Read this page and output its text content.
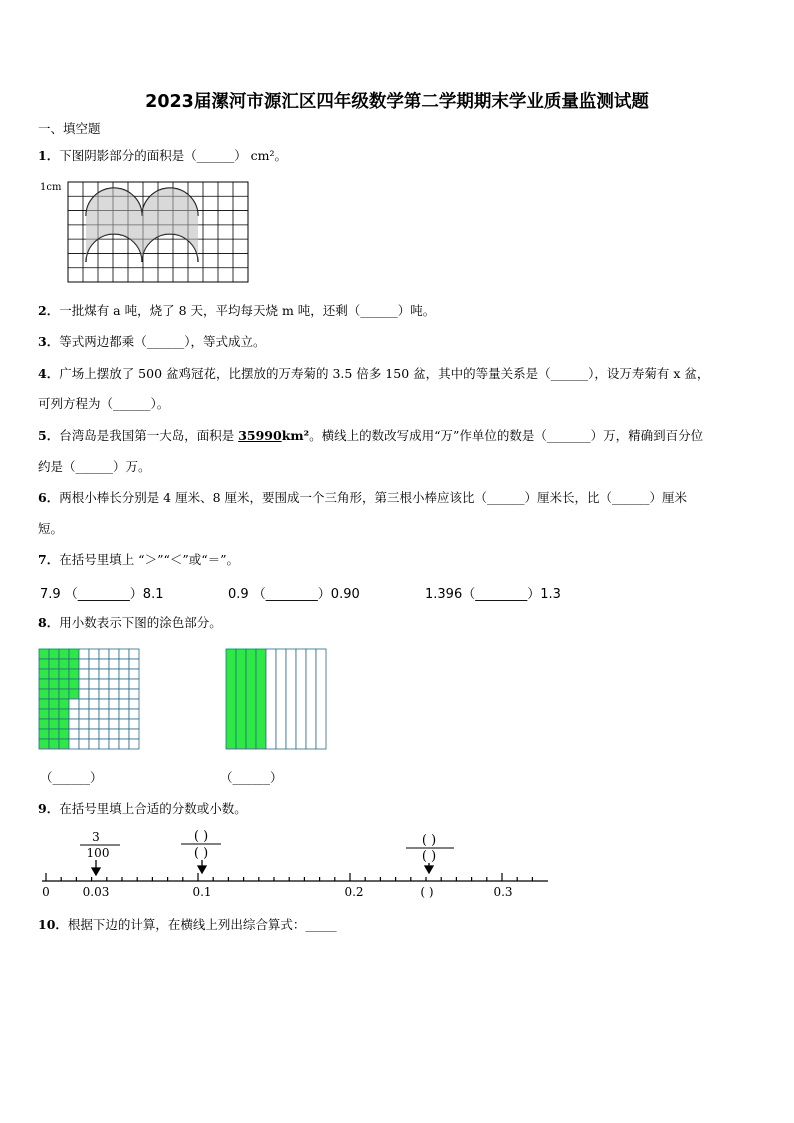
2023届漯河市源汇区四年级数学第二学期期末学业质量监测试题
一、填空题
1．下图阴影部分的面积是（______） cm²。
1cm
2．一批煤有 a 吨，烧了 8 天，平均每天烧 m 吨，还剩（______）吨。
3．等式两边都乘（______），等式成立。
4．广场上摆放了 500 盆鸡冠花，比摆放的万寿菊的 3.5 倍多 150 盆，其中的等量关系是（______），设万寿菊有 x 盆，
可列方程为（______）。
5．台湾岛是我国第一大岛，面积是 35990km²。横线上的数改写成用“万”作单位的数是（_______）万，精确到百分位
约是（______）万。
6．两根小棒长分别是 4 厘米、8 厘米，要围成一个三角形，第三根小棒应该比（______）厘米长，比（______）厘米
短。
7．在括号里填上 “＞”“＜”或“＝”。
7.9 （________）8.1	0.9 （________）0.90	1.396（________）1.3
8．用小数表示下图的涂色部分。
（______）	（______）
9．在括号里填上合适的分数或小数。
3
100
( )
( )
( )
( )
0	0.03	0.1	0.2	( )	0.3
10．根据下边的计算，在横线上列出综合算式：_____
